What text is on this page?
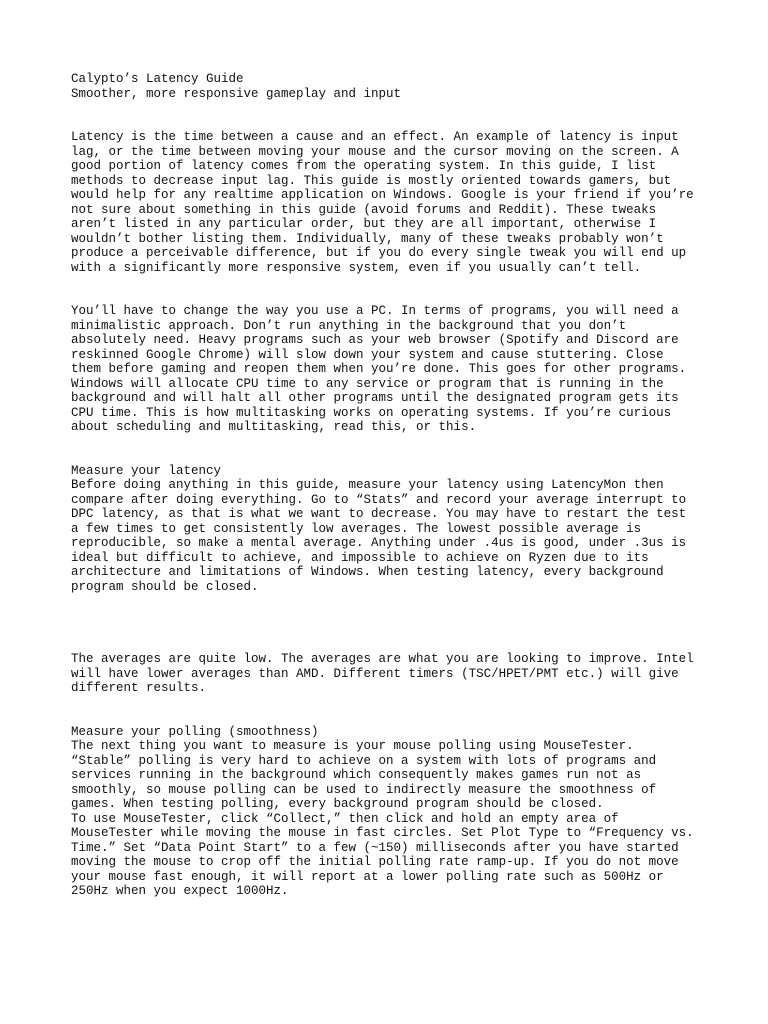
Calypto’s Latency Guide
Smoother, more responsive gameplay and input
Latency is the time between a cause and an effect. An example of latency is input
lag, or the time between moving your mouse and the cursor moving on the screen. A
good portion of latency comes from the operating system. In this guide, I list
methods to decrease input lag. This guide is mostly oriented towards gamers, but
would help for any realtime application on Windows. Google is your friend if you’re
not sure about something in this guide (avoid forums and Reddit). These tweaks
aren’t listed in any particular order, but they are all important, otherwise I
wouldn’t bother listing them. Individually, many of these tweaks probably won’t
produce a perceivable difference, but if you do every single tweak you will end up
with a significantly more responsive system, even if you usually can’t tell.
You’ll have to change the way you use a PC. In terms of programs, you will need a
minimalistic approach. Don’t run anything in the background that you don’t
absolutely need. Heavy programs such as your web browser (Spotify and Discord are
reskinned Google Chrome) will slow down your system and cause stuttering. Close
them before gaming and reopen them when you’re done. This goes for other programs.
Windows will allocate CPU time to any service or program that is running in the
background and will halt all other programs until the designated program gets its
CPU time. This is how multitasking works on operating systems. If you’re curious
about scheduling and multitasking, read this, or this.
Measure your latency
Before doing anything in this guide, measure your latency using LatencyMon then
compare after doing everything. Go to “Stats” and record your average interrupt to
DPC latency, as that is what we want to decrease. You may have to restart the test
a few times to get consistently low averages. The lowest possible average is
reproducible, so make a mental average. Anything under .4us is good, under .3us is
ideal but difficult to achieve, and impossible to achieve on Ryzen due to its
architecture and limitations of Windows. When testing latency, every background
program should be closed.
The averages are quite low. The averages are what you are looking to improve. Intel
will have lower averages than AMD. Different timers (TSC/HPET/PMT etc.) will give
different results.
Measure your polling (smoothness)
The next thing you want to measure is your mouse polling using MouseTester.
“Stable” polling is very hard to achieve on a system with lots of programs and
services running in the background which consequently makes games run not as
smoothly, so mouse polling can be used to indirectly measure the smoothness of
games. When testing polling, every background program should be closed.
To use MouseTester, click “Collect,” then click and hold an empty area of
MouseTester while moving the mouse in fast circles. Set Plot Type to “Frequency vs.
Time.” Set “Data Point Start” to a few (~150) milliseconds after you have started
moving the mouse to crop off the initial polling rate ramp-up. If you do not move
your mouse fast enough, it will report at a lower polling rate such as 500Hz or
250Hz when you expect 1000Hz.
